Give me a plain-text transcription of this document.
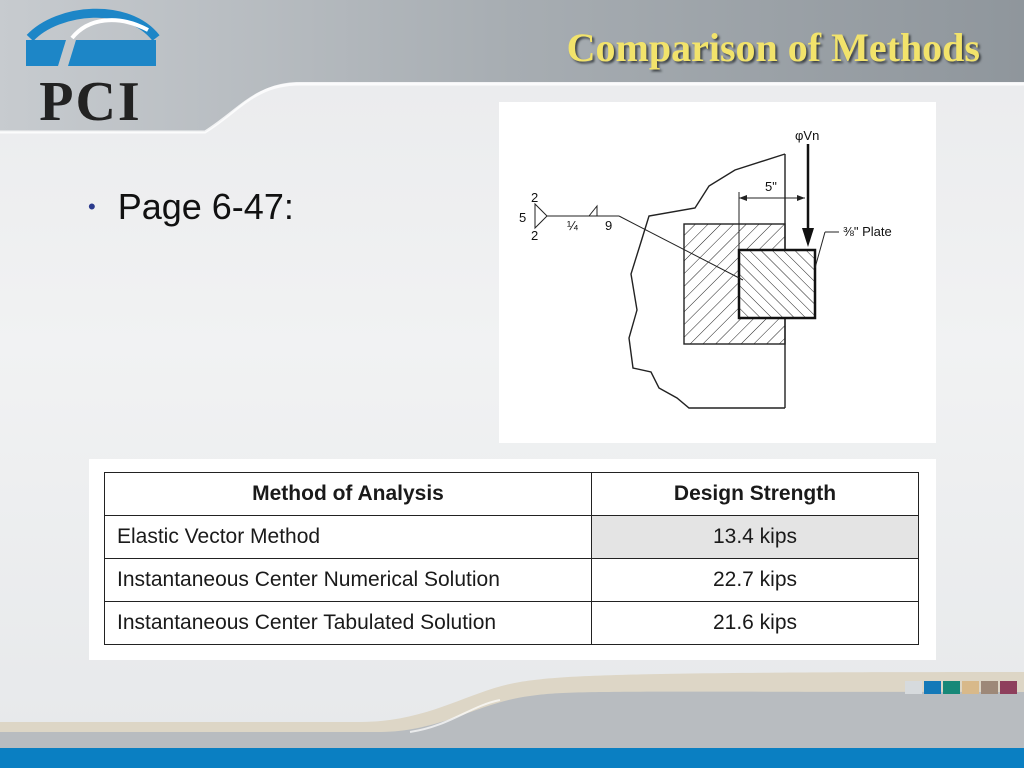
PCI
Comparison of Methods
• Page 6-47:
φVn
5"
⅜" Plate
2
5
2
¼ 9
Method of Analysis	Design Strength
Elastic Vector Method	13.4 kips
Instantaneous Center Numerical Solution	22.7 kips
Instantaneous Center Tabulated Solution	21.6 kips
